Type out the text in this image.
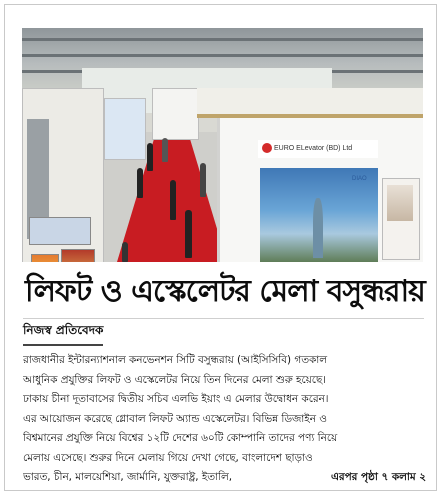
EURO ELevator (BD) Ltd
DIAO
লিফট ও এস্কেলেটর মেলা বসুন্ধরায়
নিজস্ব প্রতিবেদক
রাজধানীর ইন্টারন্যাশনাল কনভেনশন সিটি বসুন্ধরায় (আইসিসিবি) গতকাল
আধুনিক প্রযুক্তির লিফট ও এস্কেলেটর নিয়ে তিন দিনের মেলা শুরু হয়েছে।
ঢাকায় চীনা দূতাবাসের দ্বিতীয় সচিব এলভি ইয়াং এ মেলার উদ্বোধন করেন।
এর আয়োজন করেছে গ্লোবাল লিফট অ্যান্ড এস্কেলেটর। বিভিন্ন ডিজাইন ও
বিশ্বমানের প্রযুক্তি নিয়ে বিশ্বের ১২টি দেশের ৬০টি কোম্পানি তাদের পণ্য নিয়ে
মেলায় এসেছে। শুরুর দিনে মেলায় গিয়ে দেখা গেছে, বাংলাদেশ ছাড়াও
ভারত, চীন, মালয়েশিয়া, জার্মানি, যুক্তরাষ্ট্র, ইতালি,	এরপর পৃষ্ঠা ৭ কলাম ২
